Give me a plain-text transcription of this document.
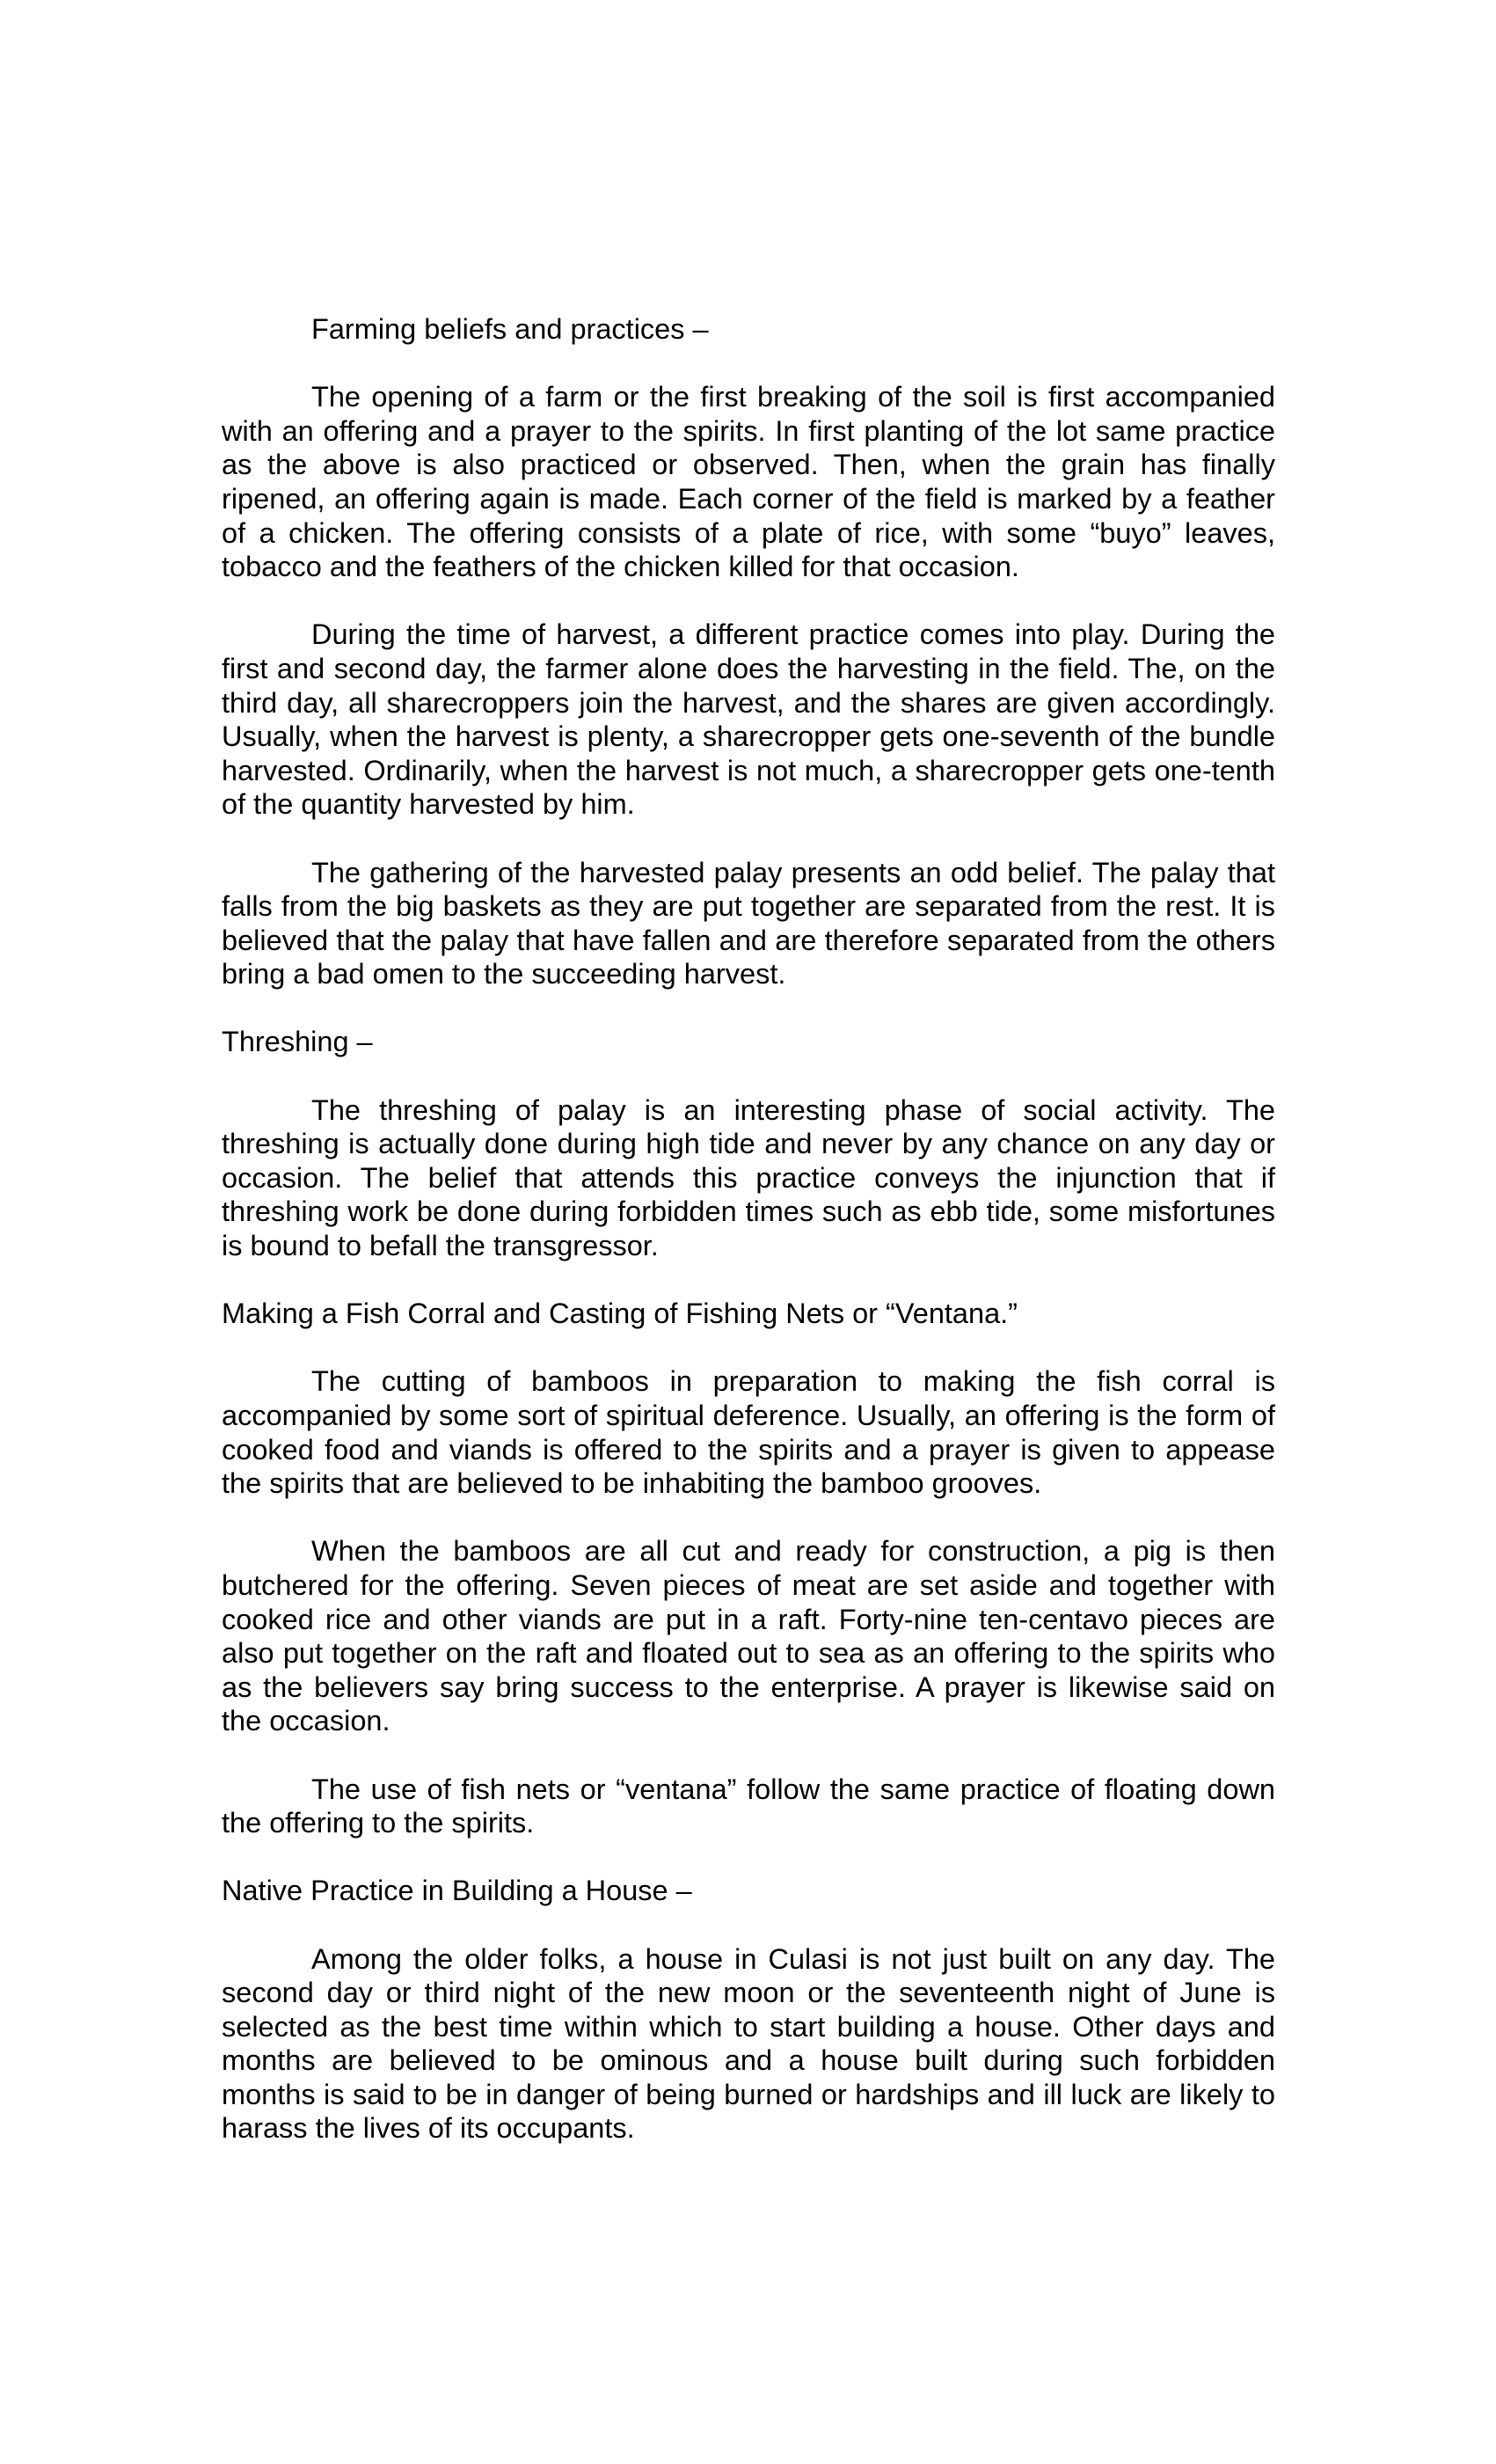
Farming beliefs and practices –

The opening of a farm or the first breaking of the soil is first accompanied with an offering and a prayer to the spirits. In first planting of the lot same practice as the above is also practiced or observed. Then, when the grain has finally ripened, an offering again is made. Each corner of the field is marked by a feather of a chicken. The offering consists of a plate of rice, with some “buyo” leaves, tobacco and the feathers of the chicken killed for that occasion.

During the time of harvest, a different practice comes into play. During the first and second day, the farmer alone does the harvesting in the field. The, on the third day, all sharecroppers join the harvest, and the shares are given accordingly. Usually, when the harvest is plenty, a sharecropper gets one-seventh of the bundle harvested. Ordinarily, when the harvest is not much, a sharecropper gets one-tenth of the quantity harvested by him.

The gathering of the harvested palay presents an odd belief. The palay that falls from the big baskets as they are put together are separated from the rest. It is believed that the palay that have fallen and are therefore separated from the others bring a bad omen to the succeeding harvest.

Threshing –

The threshing of palay is an interesting phase of social activity. The threshing is actually done during high tide and never by any chance on any day or occasion. The belief that attends this practice conveys the injunction that if threshing work be done during forbidden times such as ebb tide, some misfortunes is bound to befall the transgressor.

Making a Fish Corral and Casting of Fishing Nets or “Ventana.”

The cutting of bamboos in preparation to making the fish corral is accompanied by some sort of spiritual deference. Usually, an offering is the form of cooked food and viands is offered to the spirits and a prayer is given to appease the spirits that are believed to be inhabiting the bamboo grooves.

When the bamboos are all cut and ready for construction, a pig is then butchered for the offering. Seven pieces of meat are set aside and together with cooked rice and other viands are put in a raft. Forty-nine ten-centavo pieces are also put together on the raft and floated out to sea as an offering to the spirits who as the believers say bring success to the enterprise. A prayer is likewise said on the occasion.

The use of fish nets or “ventana” follow the same practice of floating down the offering to the spirits.

Native Practice in Building a House –

Among the older folks, a house in Culasi is not just built on any day. The second day or third night of the new moon or the seventeenth night of June is selected as the best time within which to start building a house. Other days and months are believed to be ominous and a house built during such forbidden months is said to be in danger of being burned or hardships and ill luck are likely to harass the lives of its occupants.
